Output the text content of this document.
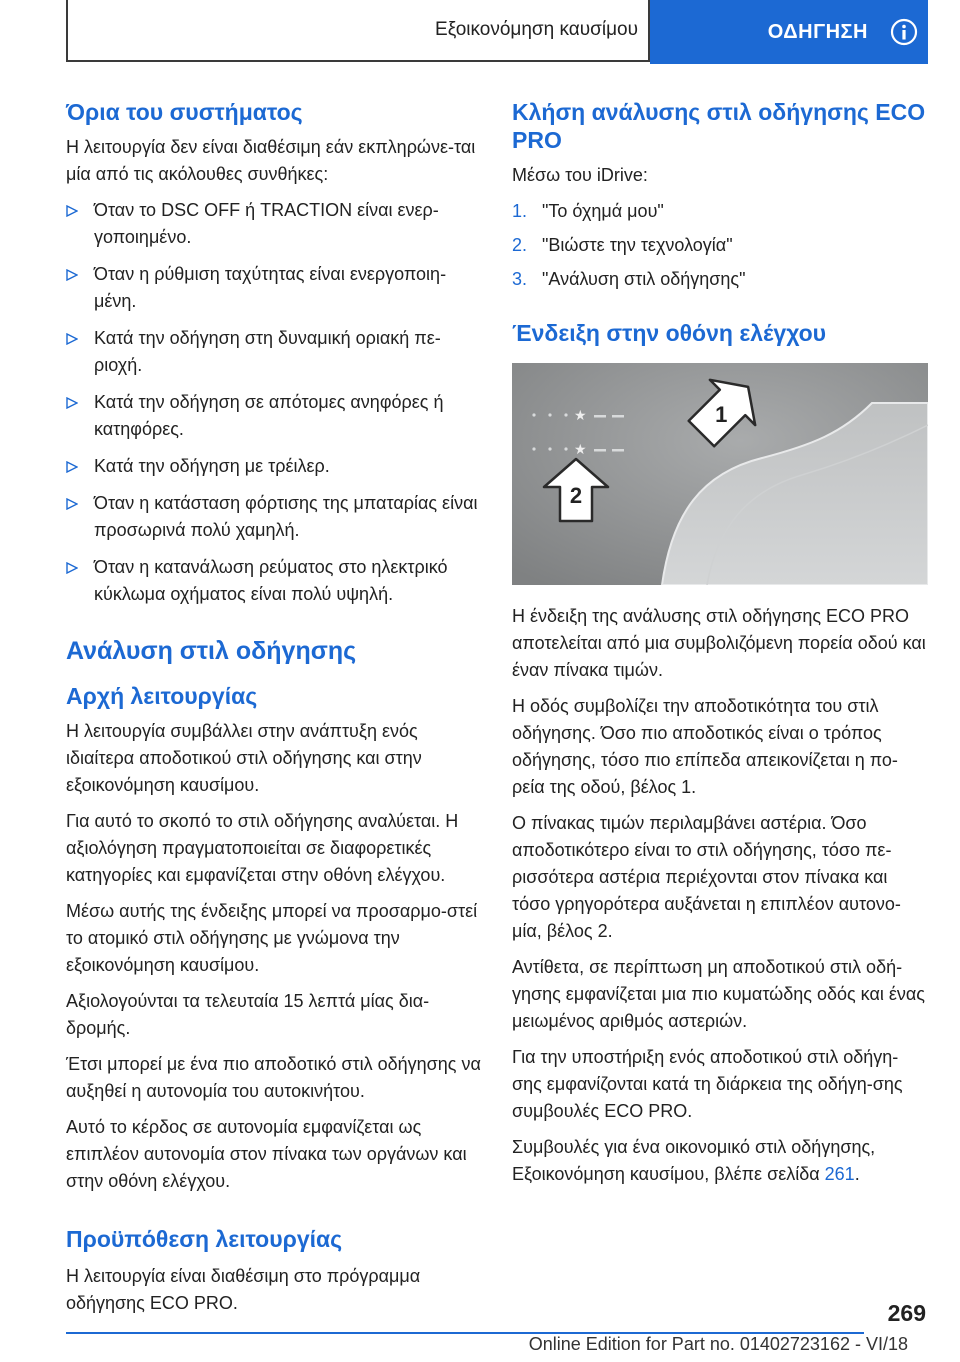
Εξοικονόμηση καυσίμου	ΟΔΗΓΗΣΗ
Όρια του συστήματος

Η λειτουργία δεν είναι διαθέσιμη εάν εκπληρώνε-ται μία από τις ακόλουθες συνθήκες:

Όταν το DSC OFF ή TRACTION είναι ενερ-γοποιημένο.
Όταν η ρύθμιση ταχύτητας είναι ενεργοποιη-μένη.
Κατά την οδήγηση στη δυναμική οριακή πε-ριοχή.
Κατά την οδήγηση σε απότομες ανηφόρες ή κατηφόρες.
Κατά την οδήγηση με τρέιλερ.
Όταν η κατάσταση φόρτισης της μπαταρίας είναι προσωρινά πολύ χαμηλή.
Όταν η κατανάλωση ρεύματος στο ηλεκτρικό κύκλωμα οχήματος είναι πολύ υψηλή.
Ανάλυση στιλ οδήγησης
Αρχή λειτουργίας

Η λειτουργία συμβάλλει στην ανάπτυξη ενός ιδιαίτερα αποδοτικού στιλ οδήγησης και στην εξοικονόμηση καυσίμου.

Για αυτό το σκοπό το στιλ οδήγησης αναλύεται. Η αξιολόγηση πραγματοποιείται σε διαφορετικές κατηγορίες και εμφανίζεται στην οθόνη ελέγχου.

Μέσω αυτής της ένδειξης μπορεί να προσαρμο-στεί το ατομικό στιλ οδήγησης με γνώμονα την εξοικονόμηση καυσίμου.

Αξιολογούνται τα τελευταία 15 λεπτά μίας δια-δρομής.

Έτσι μπορεί με ένα πιο αποδοτικό στιλ οδήγησης να αυξηθεί η αυτονομία του αυτοκινήτου.

Αυτό το κέρδος σε αυτονομία εμφανίζεται ως επιπλέον αυτονομία στον πίνακα των οργάνων και στην οθόνη ελέγχου.

Προϋπόθεση λειτουργίας

Η λειτουργία είναι διαθέσιμη στο πρόγραμμα οδήγησης ECO PRO.

Κλήση ανάλυσης στιλ οδήγησης ECO PRO

Μέσω του iDrive:

1. "Το όχημά μου"
2. "Βιώστε την τεχνολογία"
3. "Ανάλυση στιλ οδήγησης"
Ένδειξη στην οθόνη ελέγχου
★
★
2
1

Η ένδειξη της ανάλυσης στιλ οδήγησης ECO PRO αποτελείται από μια συμβολιζόμενη πορεία οδού και έναν πίνακα τιμών.

Η οδός συμβολίζει την αποδοτικότητα του στιλ οδήγησης. Όσο πιο αποδοτικός είναι ο τρόπος οδήγησης, τόσο πιο επίπεδα απεικονίζεται η πο-ρεία της οδού, βέλος 1.

Ο πίνακας τιμών περιλαμβάνει αστέρια. Όσο αποδοτικότερο είναι το στιλ οδήγησης, τόσο πε-ρισσότερα αστέρια περιέχονται στον πίνακα και τόσο γρηγορότερα αυξάνεται η επιπλέον αυτονο-μία, βέλος 2.

Αντίθετα, σε περίπτωση μη αποδοτικού στιλ οδή-γησης εμφανίζεται μια πιο κυματώδης οδός και ένας μειωμένος αριθμός αστεριών.

Για την υποστήριξη ενός αποδοτικού στιλ οδήγη-σης εμφανίζονται κατά τη διάρκεια της οδήγη-σης συμβουλές ECO PRO.

Συμβουλές για ένα οικονομικό στιλ οδήγησης, Εξοικονόμηση καυσίμου, βλέπε σελίδα 261.

269
Online Edition for Part no. 01402723162 - VI/18
